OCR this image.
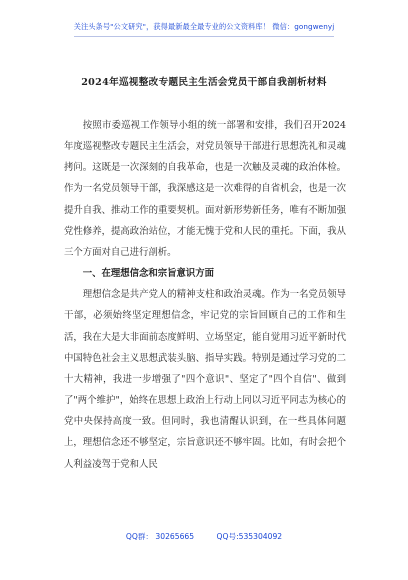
关注头条号"公文研究"，获得最新最全最专业的公文资料库！ 微信：gongwenyj
2024年巡视整改专题民主生活会党员干部自我剖析材料

按照市委巡视工作领导小组的统一部署和安排，我们召开2024年度巡视整改专题民主生活会，对党员领导干部进行思想洗礼和灵魂拷问。这既是一次深刻的自我革命，也是一次触及灵魂的政治体检。作为一名党员领导干部，我深感这是一次难得的自省机会，也是一次提升自我、推动工作的重要契机。面对新形势新任务，唯有不断加强党性修养，提高政治站位，才能无愧于党和人民的重托。下面，我从三个方面对自己进行剖析。

一、在理想信念和宗旨意识方面

理想信念是共产党人的精神支柱和政治灵魂。作为一名党员领导干部，必须始终坚定理想信念，牢记党的宗旨回顾自己的工作和生活，我在大是大非面前态度鲜明、立场坚定，能自觉用习近平新时代中国特色社会主义思想武装头脑、指导实践。特别是通过学习党的二十大精神，我进一步增强了"四个意识"、坚定了"四个自信"、做到了"两个维护"，始终在思想上政治上行动上同以习近平同志为核心的党中央保持高度一致。但同时，我也清醒认识到，在一些具体问题上，理想信念还不够坚定，宗旨意识还不够牢固。比如，有时会把个人利益凌驾于党和人民

QQ群： 30265665	QQ号:535304092
